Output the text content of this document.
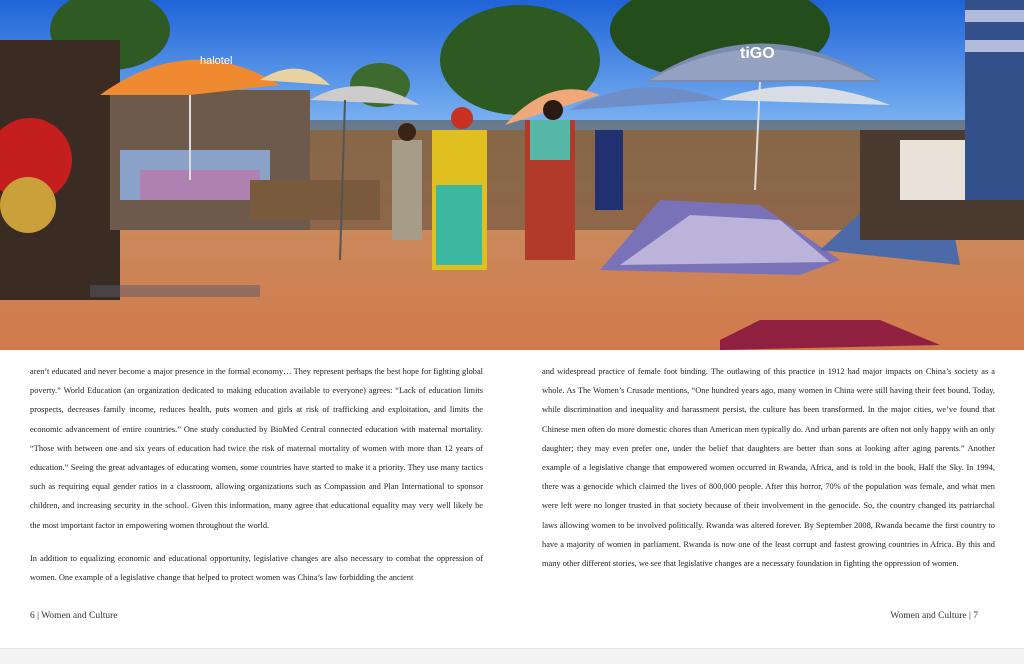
halotel	tiGO

aren’t educated and never become a major presence in the formal economy… They represent perhaps the best hope for fighting global poverty.” World Education (an organization dedicated to making education available to everyone) agrees: “Lack of education limits prospects, decreases family income, reduces health, puts women and girls at risk of trafficking and exploitation, and limits the economic advancement of entire countries.” One study conducted by BioMed Central connected education with maternal mortality. “Those with between one and six years of education had twice the risk of maternal mortality of women with more than 12 years of education.” Seeing the great advantages of educating women, some countries have started to make it a priority. They use many tactics such as requiring equal gender ratios in a classroom, allowing organizations such as Compassion and Plan International to sponsor children, and increasing security in the school. Given this information, many agree that educational equality may very well likely be the most important factor in empowering women throughout the world.

In addition to equalizing economic and educational opportunity, legislative changes are also necessary to combat the oppression of women. One example of a legislative change that helped to protect women was China’s law forbidding the ancient

and widespread practice of female foot binding. The outlawing of this practice in 1912 had major impacts on China’s society as a whole. As The Women’s Crusade mentions, “One hundred years ago, many women in China were still having their feet bound. Today, while discrimination and inequality and harassment persist, the culture has been transformed. In the major cities, we’ve found that Chinese men often do more domestic chores than American men typically do. And urban parents are often not only happy with an only daughter; they may even prefer one, under the belief that daughters are better than sons at looking after aging parents.” Another example of a legislative change that empowered women occurred in Rwanda, Africa, and is told in the book, Half the Sky. In 1994, there was a genocide which claimed the lives of 800,000 people. After this horror, 70% of the population was female, and what men were left were no longer trusted in that society because of their involvement in the genocide. So, the country changed its patriarchal laws allowing women to be involved politically. Rwanda was altered forever. By September 2008, Rwanda became the first country to have a majority of women in parliament. Rwanda is now one of the least corrupt and fastest growing countries in Africa. By this and many other different stories, we see that legislative changes are a necessary foundation in fighting the oppression of women.

6 | Women and Culture	Women and Culture | 7
